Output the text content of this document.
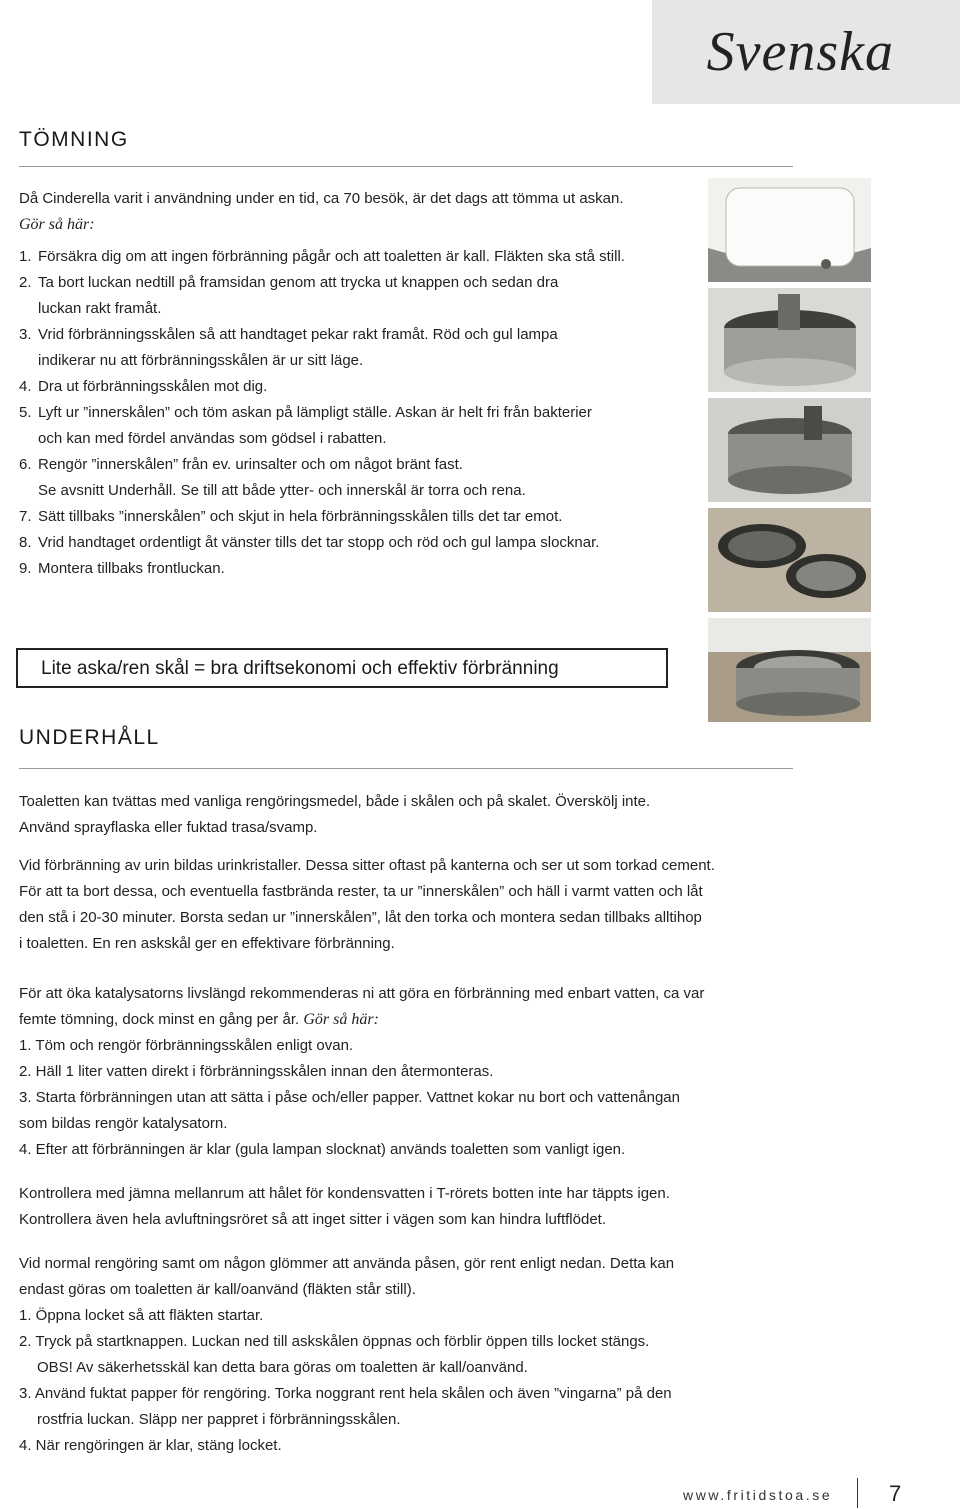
Svenska
TÖMNING

Då Cinderella varit i användning under en tid, ca 70 besök, är det dags att tömma ut askan.

Gör så här:

1. Försäkra dig om att ingen förbränning pågår och att toaletten är kall. Fläkten ska stå still.
2. Ta bort luckan nedtill på framsidan genom att trycka ut knappen och sedan dra
luckan rakt framåt.
3. Vrid förbränningsskålen så att handtaget pekar rakt framåt. Röd och gul lampa
indikerar nu att förbränningsskålen är ur sitt läge.
4. Dra ut förbränningsskålen mot dig.
5. Lyft ur ”innerskålen” och töm askan på lämpligt ställe. Askan är helt fri från bakterier
och kan med fördel användas som gödsel i rabatten.
6. Rengör ”innerskålen” från ev. urinsalter och om något bränt fast.
Se avsnitt Underhåll. Se till att både ytter- och innerskål är torra och rena.
7. Sätt tillbaks ”innerskålen” och skjut in hela förbränningsskålen tills det tar emot.
8. Vrid handtaget ordentligt åt vänster tills det tar stopp och röd och gul lampa slocknar.
9. Montera tillbaks frontluckan.
Lite aska/ren skål = bra driftsekonomi och effektiv förbränning
UNDERHÅLL

Toaletten kan tvättas med vanliga rengöringsmedel, både i skålen och på skalet. Överskölj inte.

Använd sprayflaska eller fuktad trasa/svamp.

Vid förbränning av urin bildas urinkristaller. Dessa sitter oftast på kanterna och ser ut som torkad cement.

För att ta bort dessa, och eventuella fastbrända rester, ta ur ”innerskålen” och häll i varmt vatten och låt

den stå i 20-30 minuter. Borsta sedan ur ”innerskålen”, låt den torka och montera sedan tillbaks alltihop

i toaletten. En ren askskål ger en effektivare förbränning.

För att öka katalysatorns livslängd rekommenderas ni att göra en förbränning med enbart vatten, ca var

femte tömning, dock minst en gång per år. Gör så här:

1. Töm och rengör förbränningsskålen enligt ovan.

2. Häll 1 liter vatten direkt i förbränningsskålen innan den återmonteras.

3. Starta förbränningen utan att sätta i påse och/eller papper. Vattnet kokar nu bort och vattenångan

som bildas rengör katalysatorn.

4. Efter att förbränningen är klar (gula lampan slocknat) används toaletten som vanligt igen.

Kontrollera med jämna mellanrum att hålet för kondensvatten i T-rörets botten inte har täppts igen.

Kontrollera även hela avluftningsröret så att inget sitter i vägen som kan hindra luftflödet.

Vid normal rengöring samt om någon glömmer att använda påsen, gör rent enligt nedan. Detta kan

endast göras om toaletten är kall/oanvänd (fläkten står still).

1. Öppna locket så att fläkten startar.

2. Tryck på startknappen. Luckan ned till askskålen öppnas och förblir öppen tills locket stängs.

OBS! Av säkerhetsskäl kan detta bara göras om toaletten är kall/oanvänd.

3. Använd fuktat papper för rengöring. Torka noggrant rent hela skålen och även ”vingarna” på den

rostfria luckan. Släpp ner pappret i förbränningsskålen.

4. När rengöringen är klar, stäng locket.

www.fritidstoa.se	7
